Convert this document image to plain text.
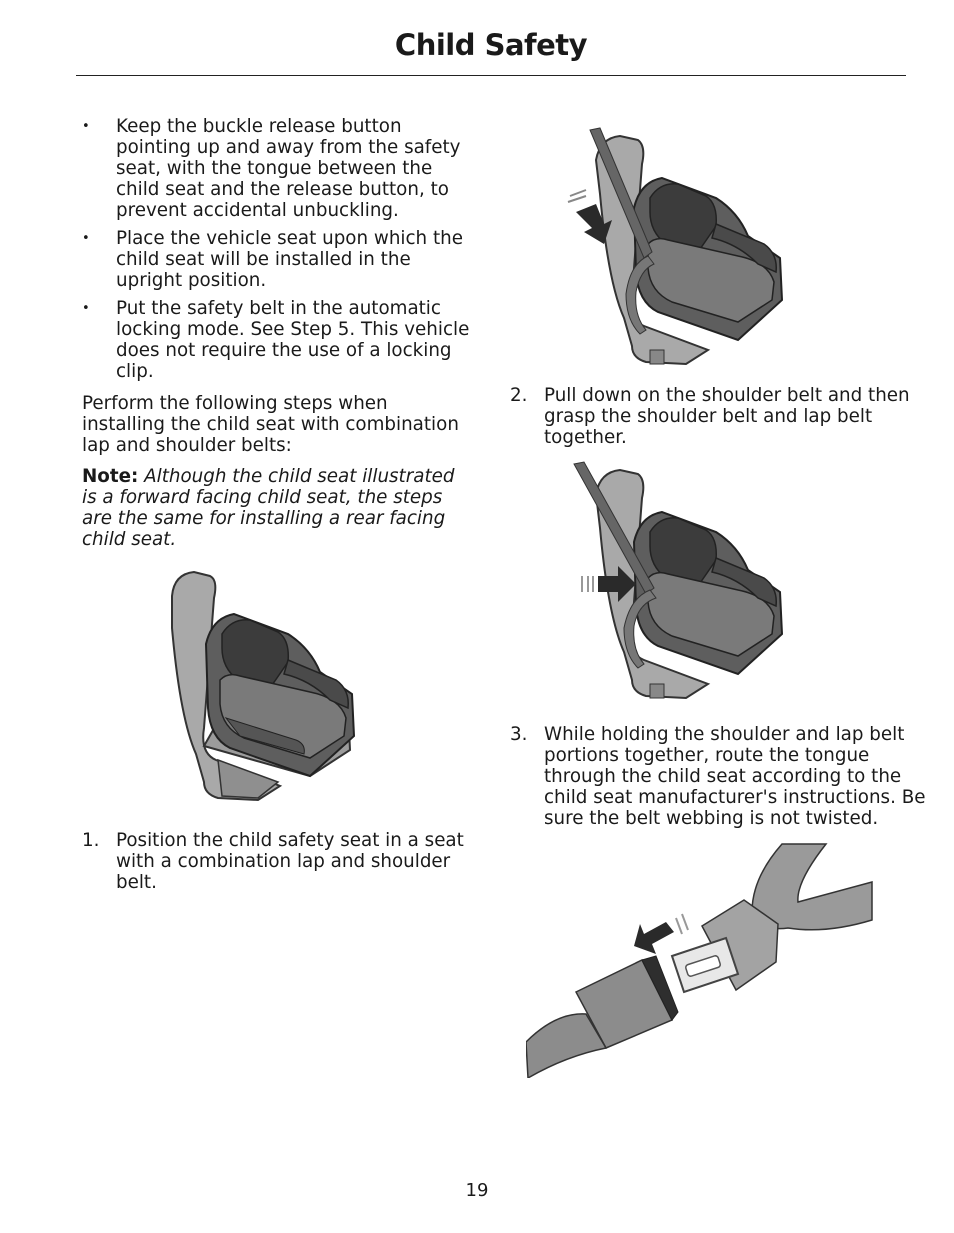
Child Safety
• Keep the buckle release button pointing up and away from the safety seat, with the tongue between the child seat and the release button, to prevent accidental unbuckling.
• Place the vehicle seat upon which the child seat will be installed in the upright position.
• Put the safety belt in the automatic locking mode. See Step 5. This vehicle does not require the use of a locking clip.

Perform the following steps when installing the child seat with combination lap and shoulder belts:

Note: Although the child seat illustrated is a forward facing child seat, the steps are the same for installing a rear facing child seat.

1. Position the child safety seat in a seat with a combination lap and shoulder belt.
2. Pull down on the shoulder belt and then grasp the shoulder belt and lap belt together.
3. While holding the shoulder and lap belt portions together, route the tongue through the child seat according to the child seat manufacturer's instructions. Be sure the belt webbing is not twisted.
19
